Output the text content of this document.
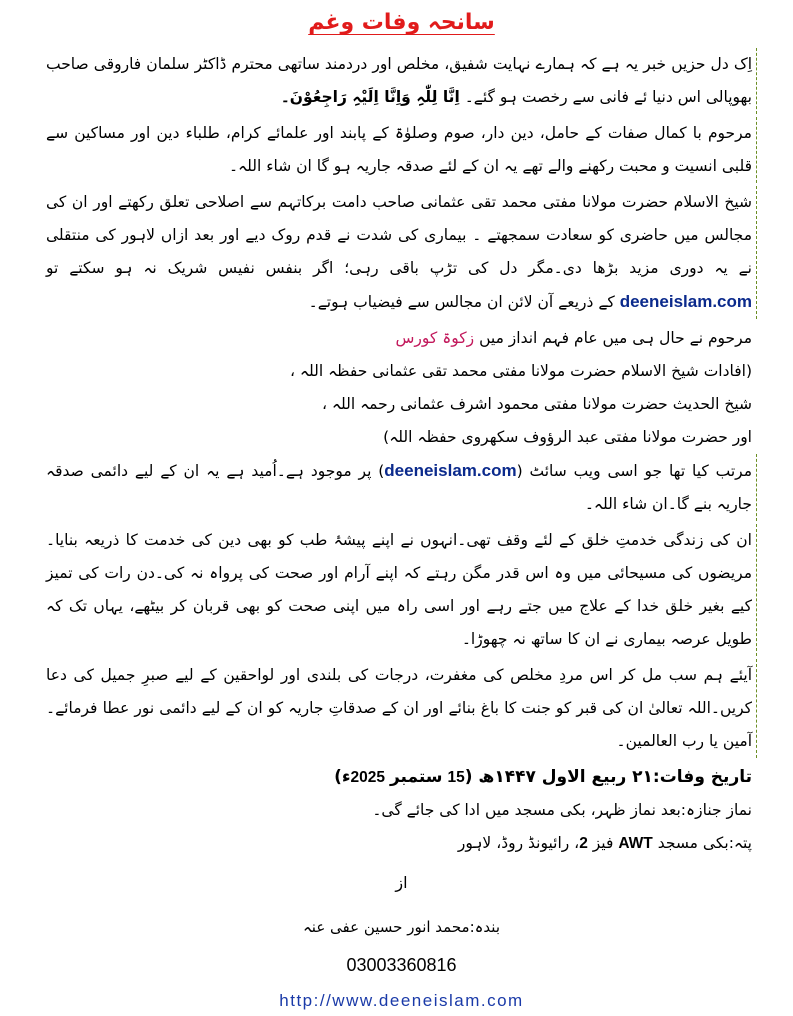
سانحہ وفات وغم
اِک دل حزیں خبر یہ ہے کہ ہمارے نہایت شفیق، مخلص اور دردمند ساتھی محترم ڈاکٹر سلمان فاروقی صاحب بھوپالی اس دنیا ئے فانی سے رخصت ہو گئے۔ اِنَّا لِلّٰہِ وَاِنَّا اِلَیْہِ رَاجِعُوْنَ۔
مرحوم با کمال صفات کے حامل، دین دار، صوم وصلوٰۃ کے پابند اور علمائے کرام، طلباء دین اور مساکین سے قلبی انسیت و محبت رکھنے والے تھے یہ ان کے لئے صدقہ جاریہ ہو گا ان شاء اللہ۔
شیخ الاسلام حضرت مولانا مفتی محمد تقی عثمانی صاحب دامت برکاتہم سے اصلاحی تعلق رکھتے اور ان کی مجالس میں حاضری کو سعادت سمجھتے ۔ بیماری کی شدت نے قدم روک دیے اور بعد ازاں لاہور کی منتقلی نے یہ دوری مزید بڑھا دی۔مگر دل کی تڑپ باقی رہی؛ اگر بنفس نفیس شریک نہ ہو سکتے تو deeneislam.com کے ذریعے آن لائن ان مجالس سے فیضیاب ہوتے۔
مرحوم نے حال ہی میں عام فہم انداز میں زکوۃ کورس
(افادات شیخ الاسلام حضرت مولانا مفتی محمد تقی عثمانی حفظہ اللہ ،
شیخ الحدیث حضرت مولانا مفتی محمود اشرف عثمانی رحمہ اللہ ،
اور حضرت مولانا مفتی عبد الرؤوف سکھروی حفظہ اللہ)
مرتب کیا تھا جو اسی ویب سائٹ (deeneislam.com) پر موجود ہے۔اُمید ہے یہ ان کے لیے دائمی صدقہ جاریہ بنے گا۔ان شاء اللہ۔
ان کی زندگی خدمتِ خلق کے لئے وقف تھی۔انہوں نے اپنے پیشۂ طب کو بھی دین کی خدمت کا ذریعہ بنایا۔مریضوں کی مسیحائی میں وہ اس قدر مگن رہتے کہ اپنے آرام اور صحت کی پرواہ نہ کی۔دن رات کی تمیز کیے بغیر خلق خدا کے علاج میں جتے رہے اور اسی راہ میں اپنی صحت کو بھی قربان کر بیٹھے، یہاں تک کہ طویل عرصہ بیماری نے ان کا ساتھ نہ چھوڑا۔
آیئے ہم سب مل کر اس مردِ مخلص کی مغفرت، درجات کی بلندی اور لواحقین کے لیے صبرِ جمیل کی دعا کریں۔اللہ تعالیٰ ان کی قبر کو جنت کا باغ بنائے اور ان کے صدقاتِ جاریہ کو ان کے لیے دائمی نور عطا فرمائے۔آمین یا رب العالمین۔
تاریخ وفات:۲۱ ربیع الاول ۱۴۴۷ھ (15 ستمبر 2025ء)
نماز جنازہ:بعد نماز ظہر، بکی مسجد میں ادا کی جائے گی۔
پتہ:بکی مسجد AWT فیز 2، رائیونڈ روڈ، لاہور
از
بندہ:محمد انور حسین عفی عنہ
03003360816
http://www.deeneislam.com
